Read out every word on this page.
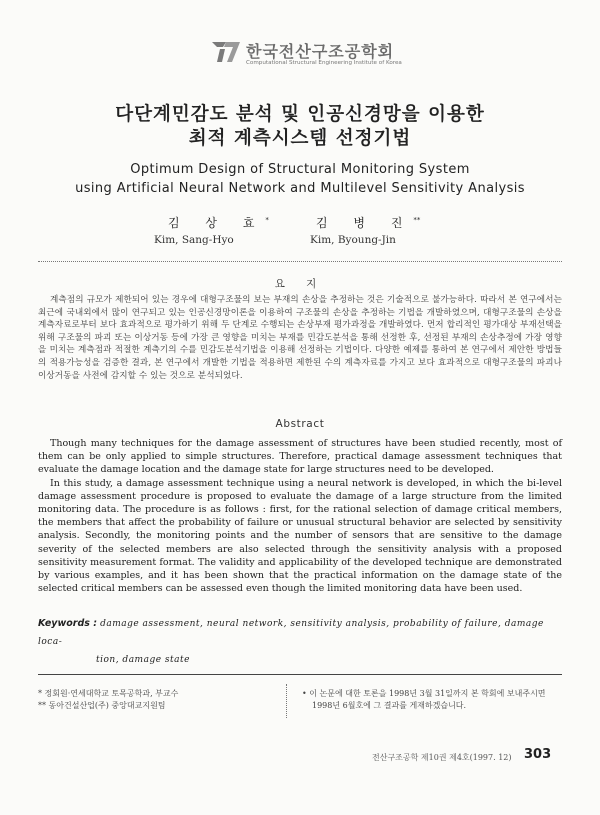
한국전산구조공학회
Computational Structural Engineering Institute of Korea
다단계민감도 분석 및 인공신경망을 이용한
최적 계측시스템 선정기법
Optimum Design of Structural Monitoring System
using Artificial Neural Network and Multilevel Sensitivity Analysis
김 상 효*
Kim, Sang-Hyo
김 병 진**
Kim, Byoung-Jin
요 지

계측점의 규모가 제한되어 있는 경우에 대형구조물의 보는 부재의 손상을 추정하는 것은 기술적으로 불가능하다. 따라서 본 연구에서는 최근에 국내외에서 많이 연구되고 있는 인공신경망이론을 이용하여 구조물의 손상을 추정하는 기법을 개발하였으며, 대형구조물의 손상을 계측자료로부터 보다 효과적으로 평가하기 위해 두 단계로 수행되는 손상부재 평가과정을 개발하였다. 먼저 합리적인 평가대상 부재선택을 위해 구조물의 파괴 또는 이상거동 등에 가장 큰 영향을 미치는 부재를 민감도분석을 통해 선정한 후, 선정된 부재의 손상추정에 가장 영향을 미치는 계측점과 적절한 계측기의 수를 민감도분석기법을 이용해 선정하는 기법이다. 다양한 예제를 통하여 본 연구에서 제안한 방법들의 적용가능성을 검증한 결과, 본 연구에서 개발한 기법을 적용하면 제한된 수의 계측자료를 가지고 보다 효과적으로 대형구조물의 파괴나 이상거동을 사전에 감지할 수 있는 것으로 분석되었다.

Abstract

Though many techniques for the damage assessment of structures have been studied recently, most of them can be only applied to simple structures. Therefore, practical damage assessment techniques that evaluate the damage location and the damage state for large structures need to be developed.

In this study, a damage assessment technique using a neural network is developed, in which the bi-level damage assessment procedure is proposed to evaluate the damage of a large structure from the limited monitoring data. The procedure is as follows : first, for the rational selection of damage critical members, the members that affect the probability of failure or unusual structural behavior are selected by sensitivity analysis. Secondly, the monitoring points and the number of sensors that are sensitive to the damage severity of the selected members are also selected through the sensitivity analysis with a proposed sensitivity measurement format. The validity and applicability of the developed technique are demonstrated by various examples, and it has been shown that the practical information on the damage state of the selected critical members can be assessed even though the limited monitoring data have been used.

Keywords : damage assessment, neural network, sensitivity analysis, probability of failure, damage loca-
tion, damage state
* 정회원·연세대학교 토목공학과, 부교수
** 동아건설산업(주) 중앙대교지원팀
• 이 논문에 대한 토론을 1998년 3월 31일까지 본 학회에 보내주시면 1998년 6월호에 그 결과를 게재하겠습니다.
전산구조공학 제10권 제4호(1997. 12) 303
